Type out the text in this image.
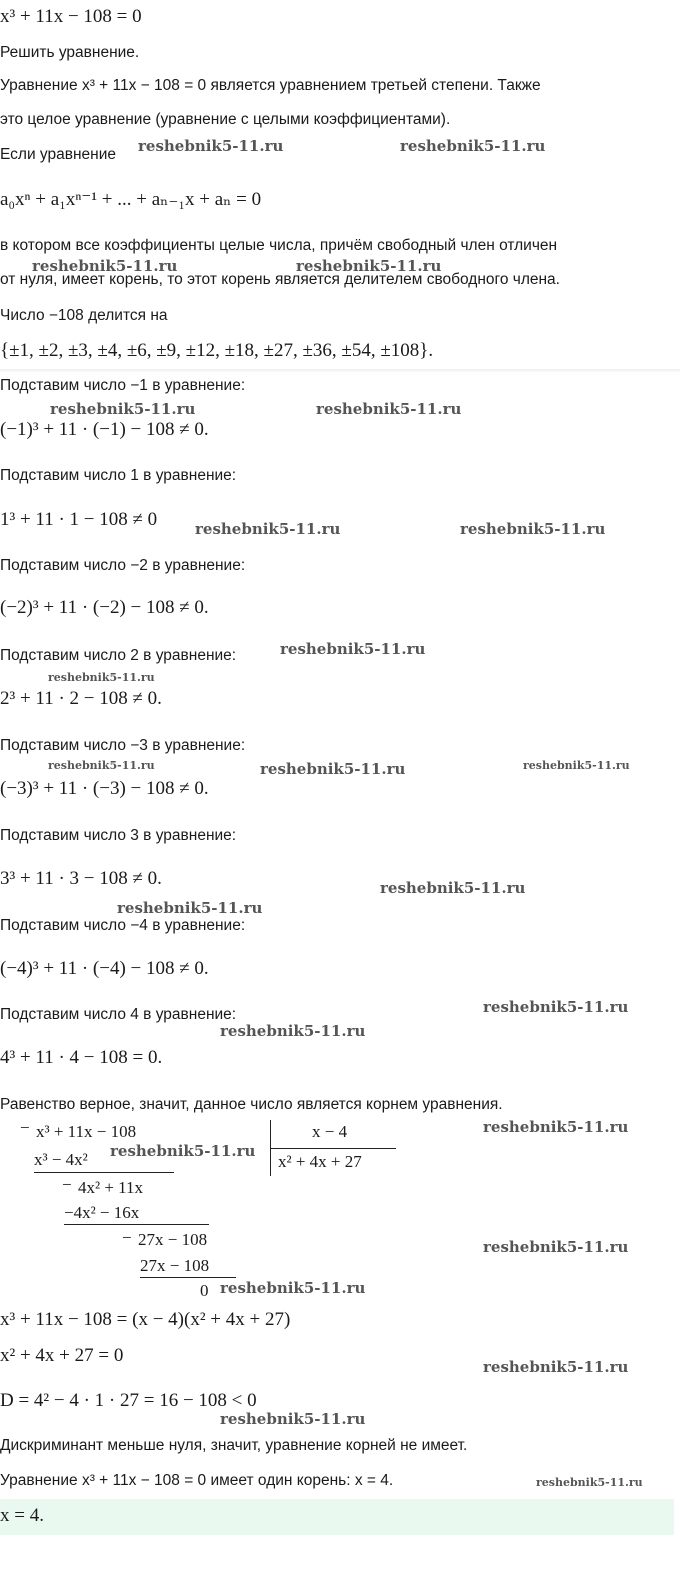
x³ + 11x − 108 = 0
Решить уравнение.
Уравнение x³ + 11x − 108 = 0 является уравнением третьей степени. Также
это целое уравнение (уравнение с целыми коэффициентами).
Если уравнение
a₀xⁿ + a₁xⁿ⁻¹ + ... + aₙ₋₁x + aₙ = 0
в котором все коэффициенты целые числа, причём свободный член отличен
от нуля, имеет корень, то этот корень является делителем свободного члена.
Число −108 делится на
{±1, ±2, ±3, ±4, ±6, ±9, ±12, ±18, ±27, ±36, ±54, ±108}.
Подставим число −1 в уравнение:
(−1)³ + 11 · (−1) − 108 ≠ 0.
Подставим число 1 в уравнение:
1³ + 11 · 1 − 108 ≠ 0
Подставим число −2 в уравнение:
(−2)³ + 11 · (−2) − 108 ≠ 0.
Подставим число 2 в уравнение:
2³ + 11 · 2 − 108 ≠ 0.
Подставим число −3 в уравнение:
(−3)³ + 11 · (−3) − 108 ≠ 0.
Подставим число 3 в уравнение:
3³ + 11 · 3 − 108 ≠ 0.
Подставим число −4 в уравнение:
(−4)³ + 11 · (−4) − 108 ≠ 0.
Подставим число 4 в уравнение:
4³ + 11 · 4 − 108 = 0.
Равенство верное, значит, данное число является корнем уравнения.
− x³ + 11x − 108
x³ − 4x²
− 4x² + 11x
−4x² − 16x
− 27x − 108
27x − 108
0
x − 4
x² + 4x + 27
x³ + 11x − 108 = (x − 4)(x² + 4x + 27)
x² + 4x + 27 = 0
D = 4² − 4 · 1 · 27 = 16 − 108 < 0
Дискриминант меньше нуля, значит, уравнение корней не имеет.
Уравнение x³ + 11x − 108 = 0 имеет один корень: x = 4.
x = 4.
reshebnik5-11.ru	reshebnik5-11.ru
reshebnik5-11.ru	reshebnik5-11.ru
reshebnik5-11.ru	reshebnik5-11.ru
reshebnik5-11.ru	reshebnik5-11.ru
reshebnik5-11.ru
reshebnik5-11.ru
reshebnik5-11.ru	reshebnik5-11.ru	reshebnik5-11.ru
reshebnik5-11.ru
reshebnik5-11.ru
reshebnik5-11.ru
reshebnik5-11.ru
reshebnik5-11.ru
reshebnik5-11.ru
reshebnik5-11.ru
reshebnik5-11.ru
reshebnik5-11.ru
reshebnik5-11.ru
reshebnik5-11.ru
